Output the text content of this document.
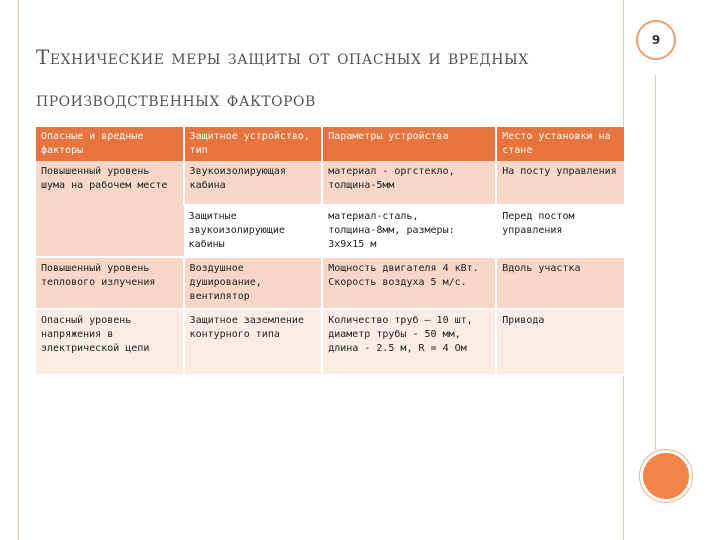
9
Технические меры защиты от опасных и вредных производственных факторов
Опасные и вредные факторы	Защитное устройство, тип	Параметры устройства	Место установки на стане
Повышенный уровень шума на рабочем месте	Звукоизолирующая кабина	материал - оргстекло, толщина-5мм	На посту управления
	Защитные звукоизолирующие кабины	материал-сталь, толщина-8мм, размеры: 3х9х15 м	Перед постом управления
Повышенный уровень теплового излучения	Воздушное душирование, вентилятор	Мощность двигателя 4 кВт. Скорость воздуха 5 м/с.	Вдоль участка
Опасный уровень напряжения в электрической цепи	Защитное заземление контурного типа	Количество труб – 10 шт, диаметр трубы - 50 мм, длина - 2.5 м, R = 4 Ом	Привода
